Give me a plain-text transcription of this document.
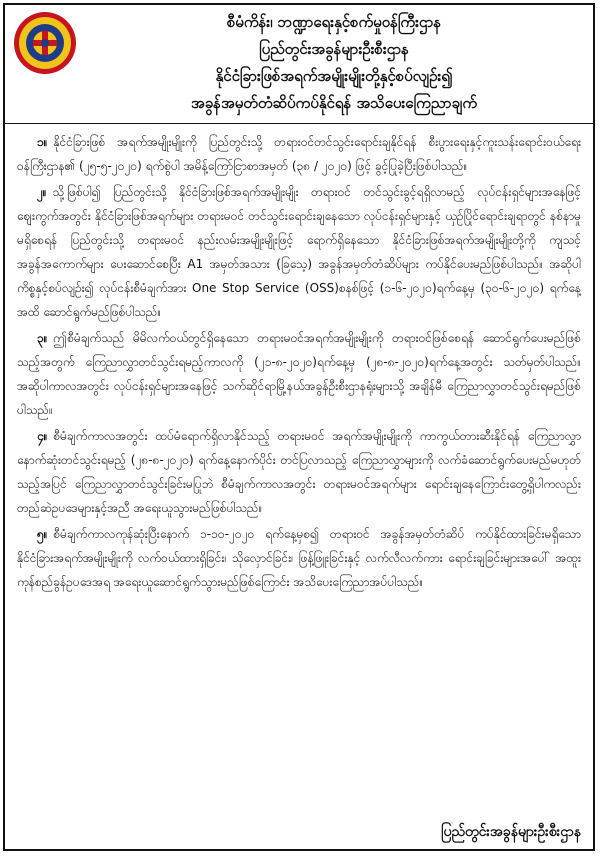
စီမံကိန်း၊ ဘဏ္ဍာရေးနှင့်စက်မှုဝန်ကြီးဌာန
ပြည်တွင်းအခွန်များဦးစီးဌာန
နိုင်ငံခြားဖြစ်အရက်အမျိုးမျိုးတို့နှင့်စပ်လျဉ်း၍
အခွန်အမှတ်တံဆိပ်ကပ်နိုင်ရန် အသိပေးကြေညာချက်

၁။ နိုင်ငံခြားဖြစ် အရက်အမျိုးမျိုးကို ပြည်တွင်းသို့ တရားဝင်တင်သွင်းရောင်းချနိုင်ရန် စီးပွားရေးနှင့်ကူးသန်းရောင်းဝယ်ရေးဝန်ကြီးဌာန၏ (၂၅-၅-၂၀၂၀) ရက်စွဲပါ အမိန့်ကြော်ငြာစာအမှတ် (၃၈ / ၂၀၂၀) ဖြင့် ခွင့်ပြုခဲ့ပြီးဖြစ်ပါသည်။

၂။ သို့ဖြစ်ပါ၍ ပြည်တွင်းသို့ နိုင်ငံခြားဖြစ်အရက်အမျိုးမျိုး တရားဝင် တင်သွင်းခွင့်ရရှိလာမည့် လုပ်ငန်းရှင်များအနေဖြင့် ဈေးကွက်အတွင်း နိုင်ငံခြားဖြစ်အရက်များ တရားမဝင် တင်သွင်းရောင်းချနေသော လုပ်ငန်းရှင်များနှင့် ယှဉ်ပြိုင်ရောင်းချရာတွင် နစ်နာမှုမရှိစေရန် ပြည်တွင်းသို့ တရားမဝင် နည်းလမ်းအမျိုးမျိုးဖြင့် ရောက်ရှိနေသော နိုင်ငံခြားဖြစ်အရက်အမျိုးမျိုးတို့ကို ကျသင့်အခွန်အကောက်များ ပေးဆောင်စေပြီး A1 အမှတ်အသား (ခြသေ့) အခွန်အမှတ်တံဆိပ်များ ကပ်နိုင်ပေးမည်ဖြစ်ပါသည်။ အဆိုပါကိစ္စနှင့်စပ်လျဉ်း၍ လုပ်ငန်းစီမံချက်အား One Stop Service (OSS)စနစ်ဖြင့် (၁-၆-၂၀၂၀)ရက်နေ့မှ (၃၀-၆-၂၀၂၀) ရက်နေ့အထိ ဆောင်ရွက်မည်ဖြစ်ပါသည်။

၃။ ဤစီမံချက်သည် မိမိလက်ဝယ်တွင်ရှိနေသော တရားမဝင်အရက်အမျိုးမျိုးကို တရားဝင်ဖြစ်စေရန် ဆောင်ရွက်ပေးမည်ဖြစ်သည့်အတွက် ကြေညာလွှာတင်သွင်းရမည့်ကာလကို (၂၁-၈-၂၀၂၀)ရက်နေ့မှ (၂၈-၈-၂၀၂၀)ရက်နေ့အတွင်း သတ်မှတ်ပါသည်။ အဆိုပါကာလအတွင်း လုပ်ငန်းရှင်များအနေဖြင့် သက်ဆိုင်ရာမြို့နယ်အခွန်ဦးစီးဌာနရုံးများသို့ အချိန်မီ ကြေညာလွှာတင်သွင်းရမည်ဖြစ်ပါသည်။

၄။ စီမံချက်ကာလအတွင်း ထပ်မံရောက်ရှိလာနိုင်သည့် တရားမဝင် အရက်အမျိုးမျိုးကို ကာကွယ်တားဆီးနိုင်ရန် ကြေညာလွှာနောက်ဆုံးတင်သွင်းရမည့် (၂၈-၈-၂၀၂၀) ရက်နေ့နောက်ပိုင်း တင်ပြလာသည့် ကြေညာလွှာများကို လက်ခံဆောင်ရွက်ပေးမည်မဟုတ်သည့်အပြင် ကြေညာလွှာတင်သွင်းခြင်းမပြုဘဲ စီမံချက်ကာလအတွင်း တရားမဝင်အရက်များ ရောင်းချနေကြောင်းတွေ့ရှိပါကလည်း တည်ဆဲဥပဒေများနှင့်အညီ အရေးယူသွားမည်ဖြစ်ပါသည်။

၅။ စီမံချက်ကာလကုန်ဆုံးပြီးနောက် ၁-၁၀-၂၀၂၀ ရက်နေ့မှစ၍ တရားဝင် အခွန်အမှတ်တံဆိပ် ကပ်နိုင်ထားခြင်းမရှိသော နိုင်ငံခြားအရက်အမျိုးမျိုးကို လက်ဝယ်ထားရှိခြင်း၊ သိုလှောင်ခြင်း၊ ဖြန့်ဖြူးခြင်းနှင့် လက်လီလက်ကား ရောင်းချခြင်းများအပေါ် အထူးကုန်စည်ခွန်ဥပဒေအရ အရေးယူဆောင်ရွက်သွားမည်ဖြစ်ကြောင်း အသိပေးကြေညာအပ်ပါသည်။

ပြည်တွင်းအခွန်များဦးစီးဌာန
